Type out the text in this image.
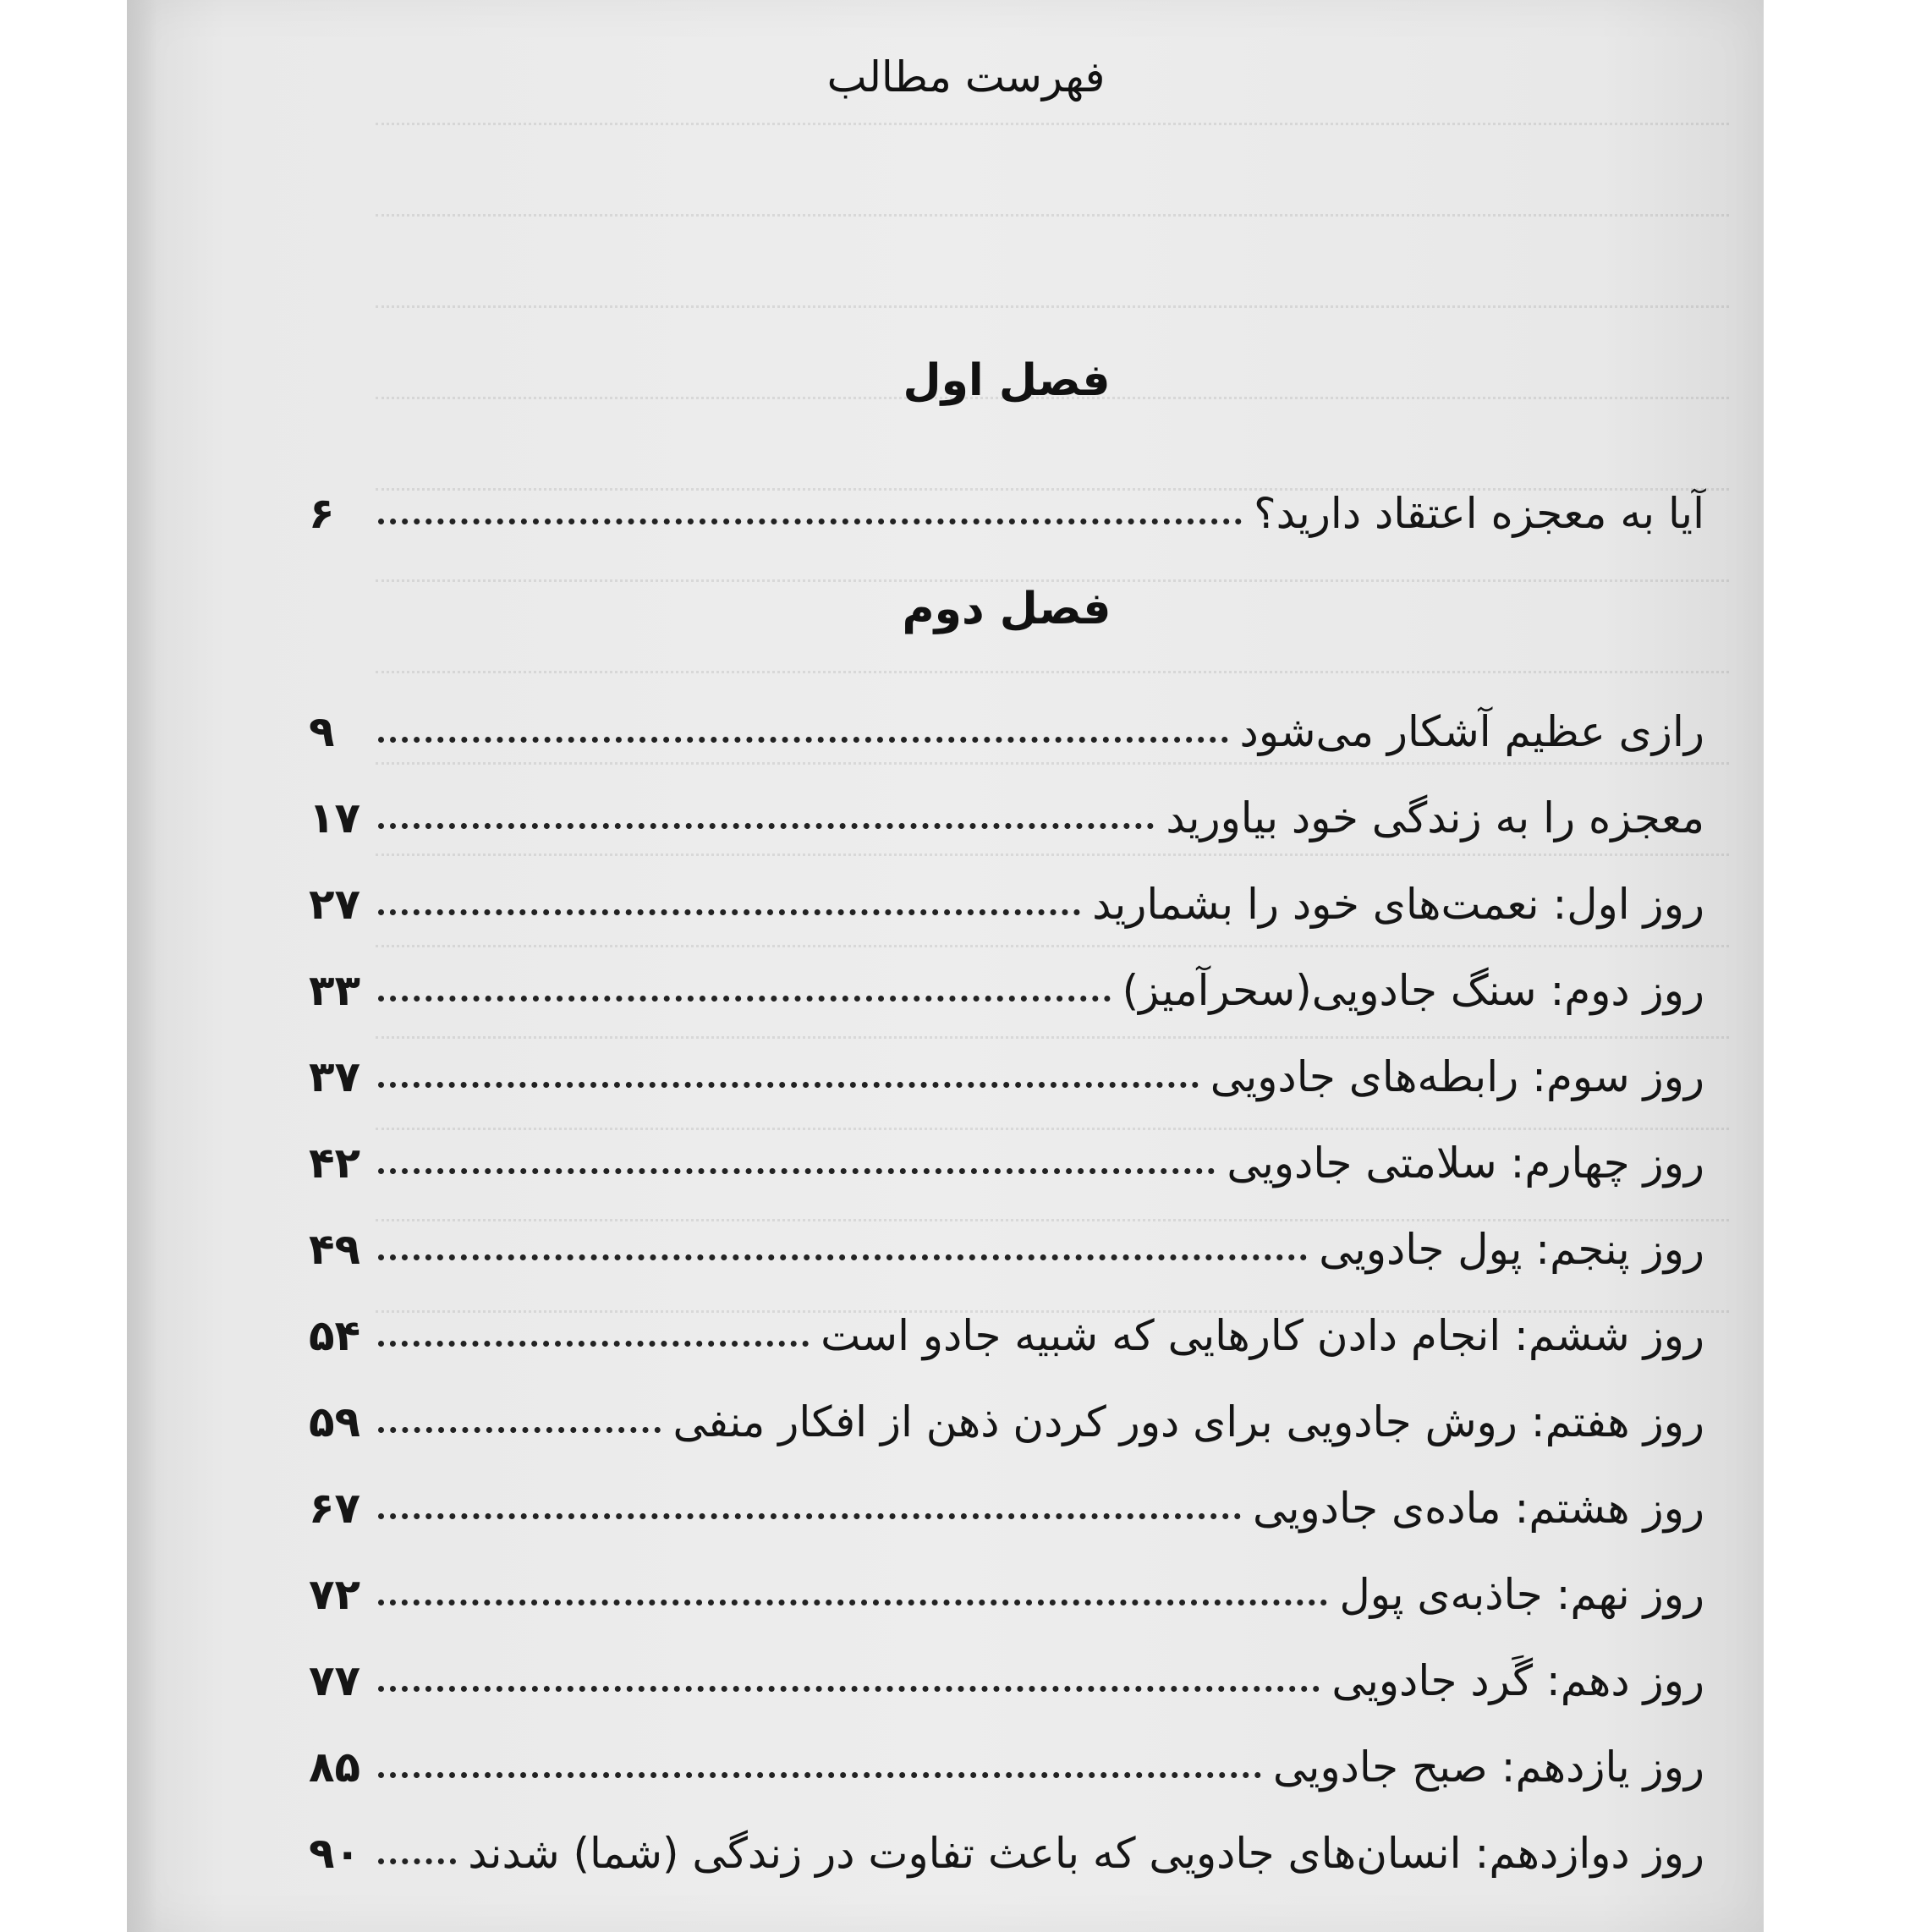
فهرست مطالب
فصل اول
آیا به معجزه اعتقاد دارید؟
۶
فصل دوم
رازی عظیم آشکار می‌شود
۹
معجزه را به زندگی خود بیاورید
۱۷
روز اول: نعمت‌های خود را بشمارید
۲۷
روز دوم: سنگ جادویی(سحرآمیز)
۳۳
روز سوم: رابطه‌های جادویی
۳۷
روز چهارم: سلامتی جادویی
۴۲
روز پنجم: پول جادویی
۴۹
روز ششم: انجام دادن کارهایی که شبیه جادو است
۵۴
روز هفتم: روش جادویی برای دور کردن ذهن از افکار منفی
۵۹
روز هشتم: ماده‌ی جادویی
۶۷
روز نهم: جاذبه‌ی پول
۷۲
روز دهم: گَرد جادویی
۷۷
روز یازدهم: صبح جادویی
۸۵
روز دوازدهم: انسان‌های جادویی که باعث تفاوت در زندگی (شما) شدند
۹۰
